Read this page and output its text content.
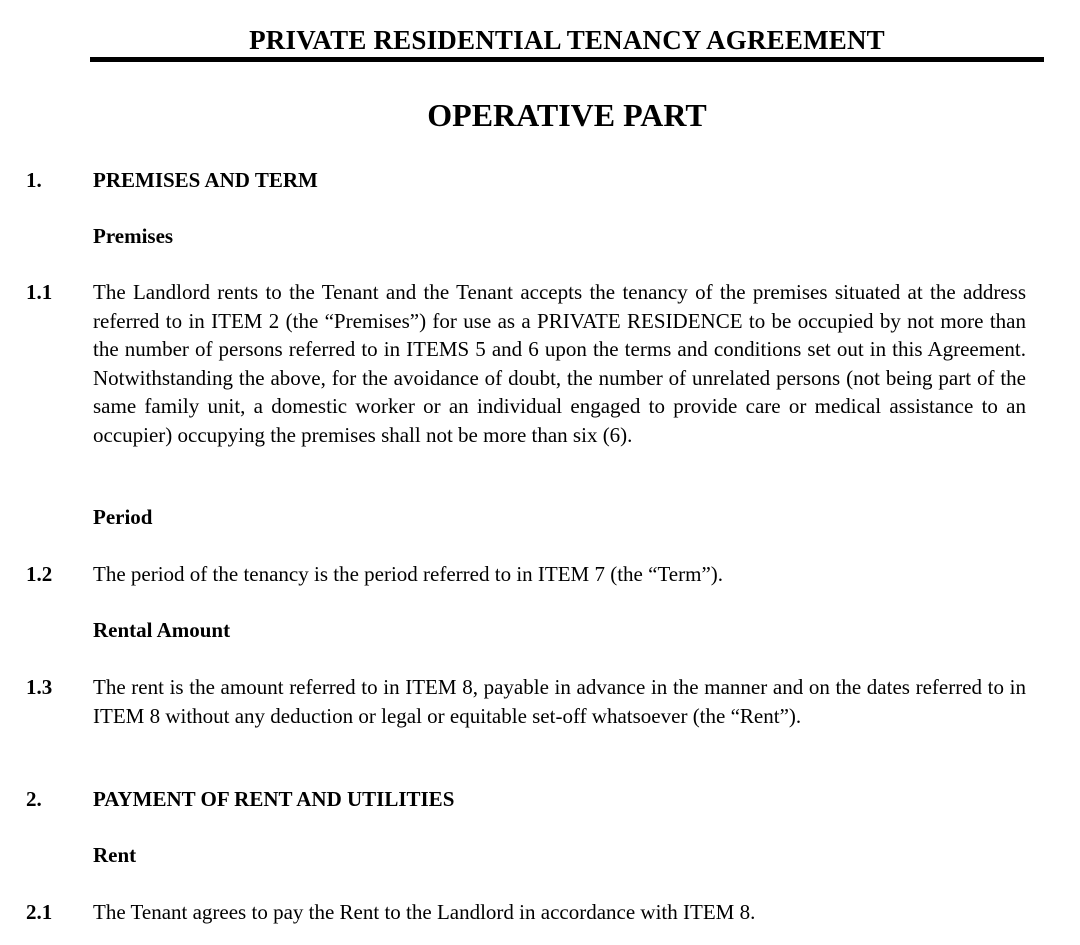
PRIVATE RESIDENTIAL TENANCY AGREEMENT
OPERATIVE PART
1. PREMISES AND TERM
Premises
1.1 The Landlord rents to the Tenant and the Tenant accepts the tenancy of the premises situated at the address referred to in ITEM 2 (the “Premises”) for use as a PRIVATE RESIDENCE to be occupied by not more than the number of persons referred to in ITEMS 5 and 6 upon the terms and conditions set out in this Agreement. Notwithstanding the above, for the avoidance of doubt, the number of unrelated persons (not being part of the same family unit, a domestic worker or an individual engaged to provide care or medical assistance to an occupier) occupying the premises shall not be more than six (6).

Period
1.2 The period of the tenancy is the period referred to in ITEM 7 (the “Term”).

Rental Amount
1.3 The rent is the amount referred to in ITEM 8, payable in advance in the manner and on the dates referred to in ITEM 8 without any deduction or legal or equitable set-off whatsoever (the “Rent”).

2. PAYMENT OF RENT AND UTILITIES
Rent
2.1 The Tenant agrees to pay the Rent to the Landlord in accordance with ITEM 8.
